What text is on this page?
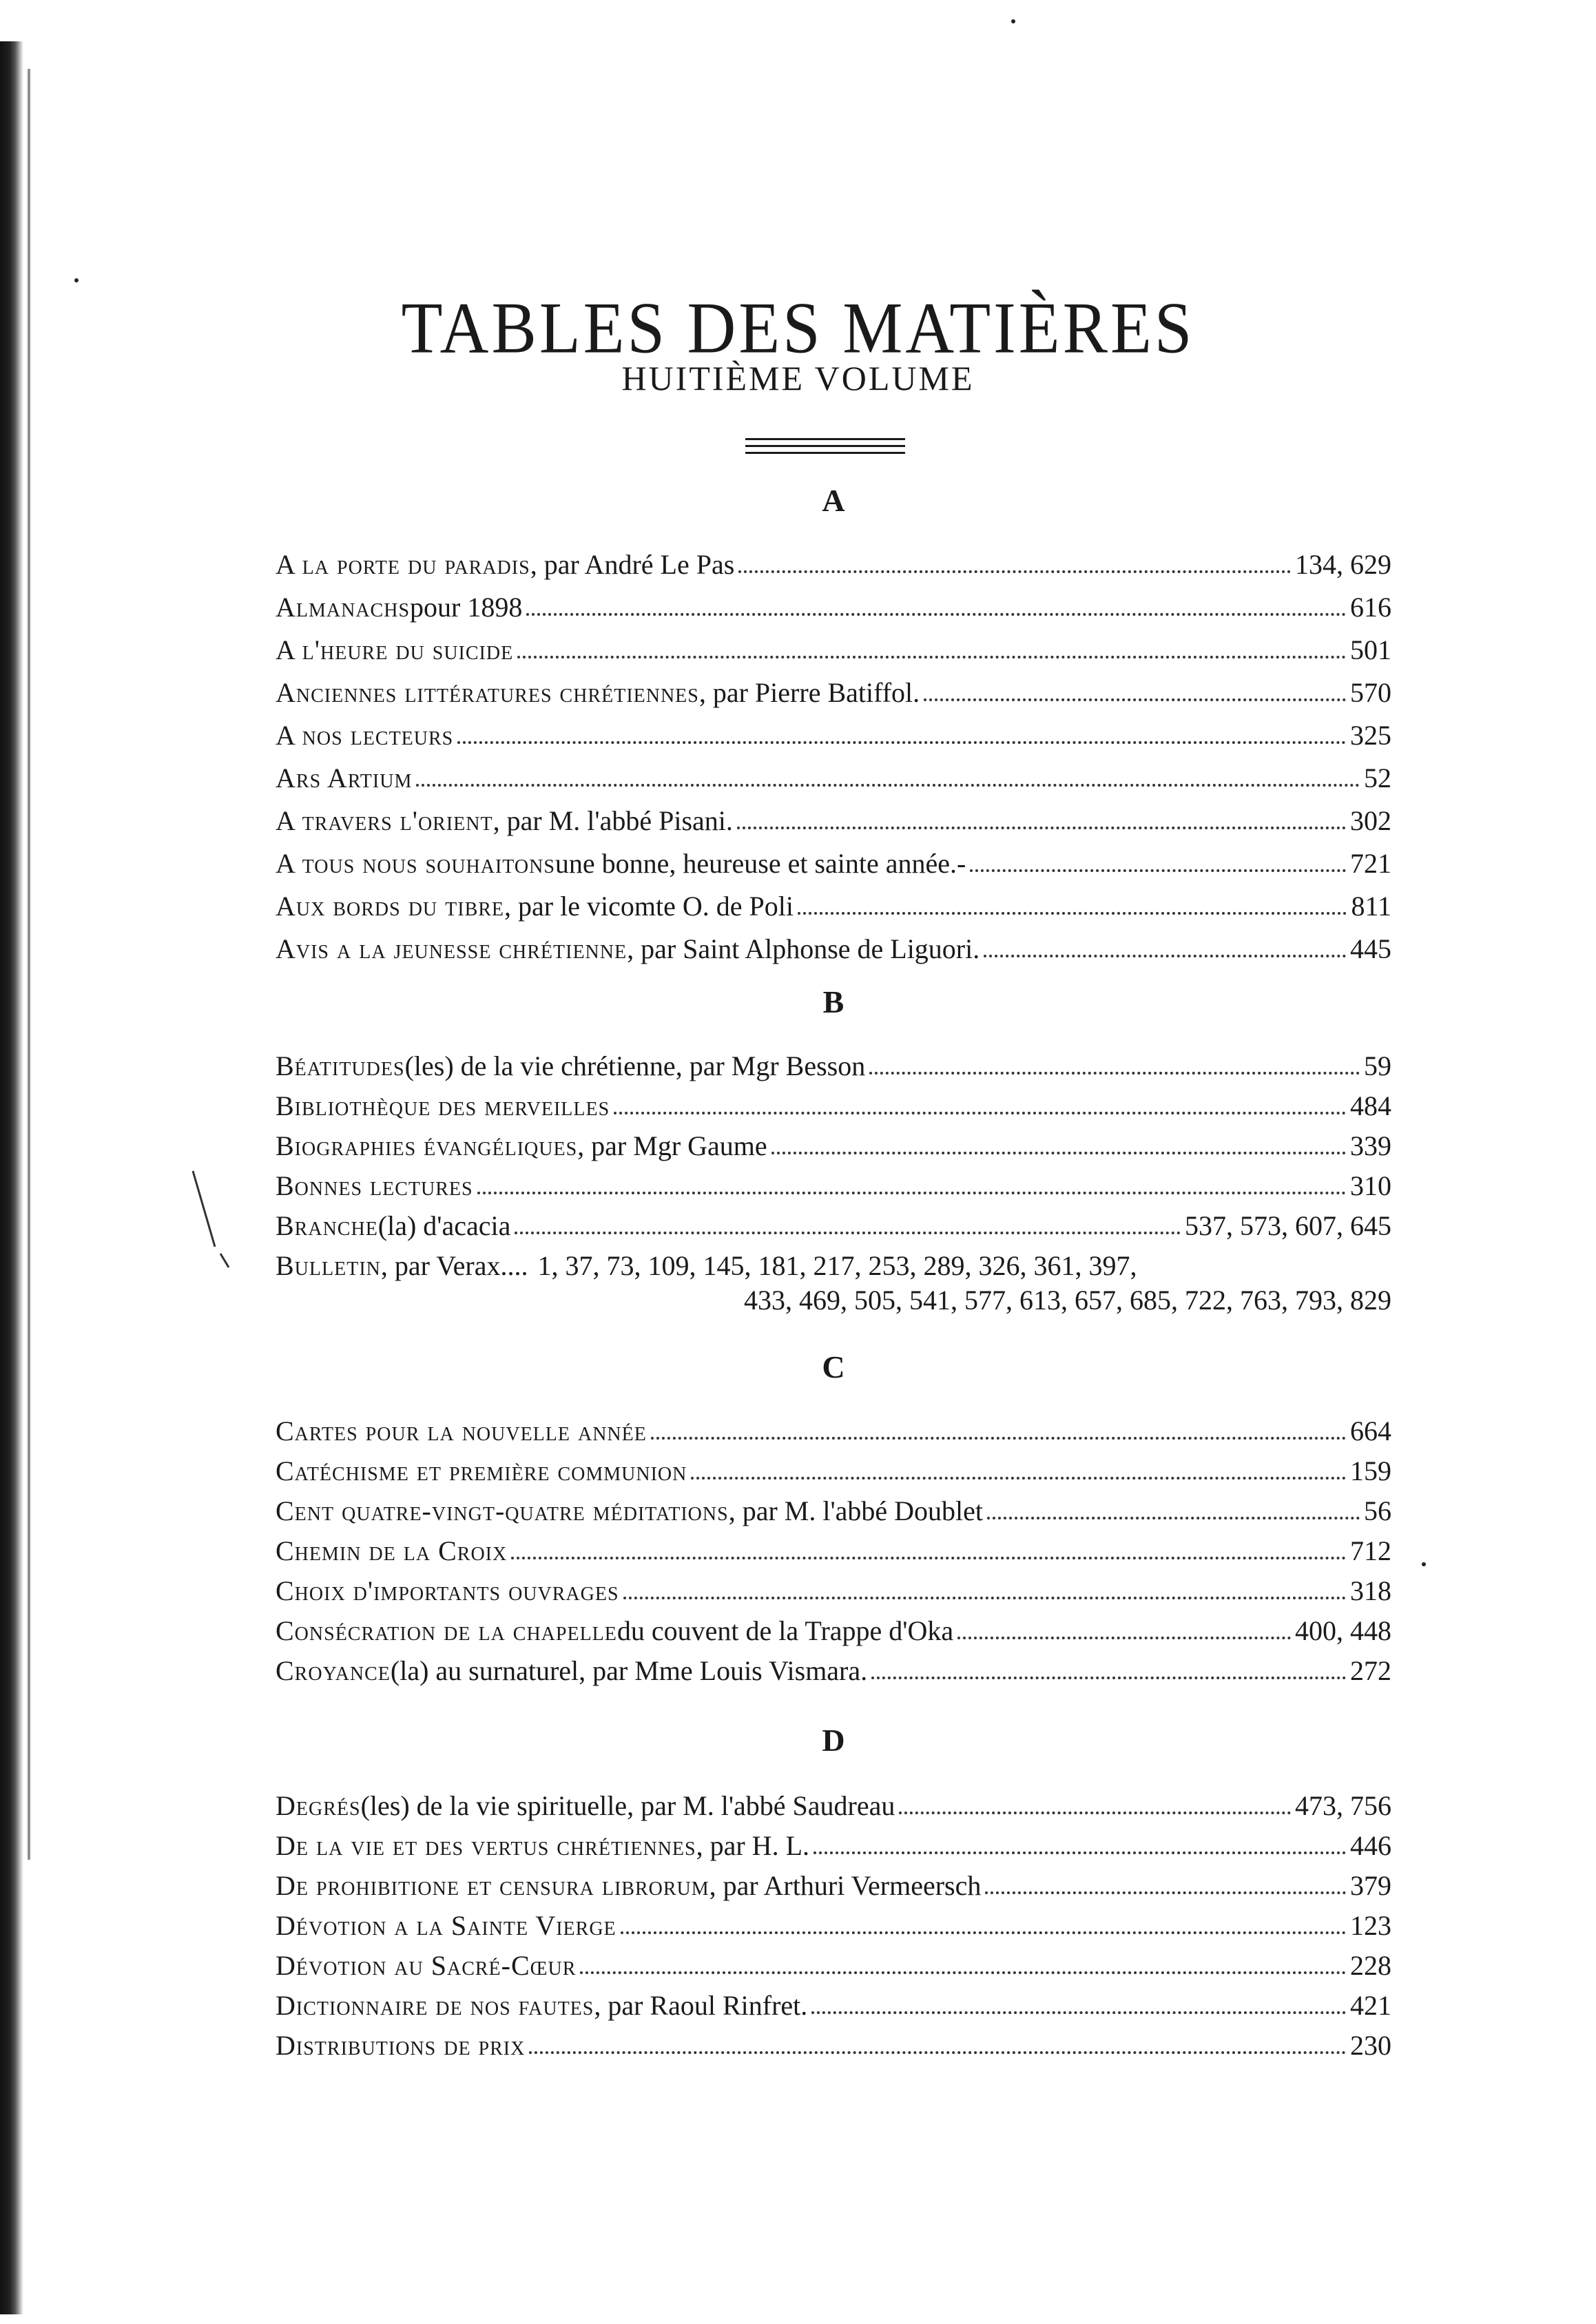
TABLES DES MATIÈRES
HUITIÈME VOLUME
A
A la porte du paradis , par André Le Pas	134, 629
Almanachs pour 1898	616
A l'heure du suicide	501
Anciennes littératures chrétiennes , par Pierre Batiffol.	570
A nos lecteurs	325
Ars Artium	52
A travers l'orient , par M. l'abbé Pisani.	302
A tous nous souhaitons une bonne, heureuse et sainte année.-	721
Aux bords du tibre , par le vicomte O. de Poli	811
Avis a la jeunesse chrétienne , par Saint Alphonse de Liguori.	445
B
Béatitudes (les) de la vie chrétienne, par Mgr Besson	59
Bibliothèque des merveilles	484
Biographies évangéliques , par Mgr Gaume	339
Bonnes lectures	310
Branche (la) d'acacia	537, 573, 607, 645
Bulletin , par Verax.... 1, 37, 73, 109, 145, 181, 217, 253, 289, 326, 361, 397,
433, 469, 505, 541, 577, 613, 657, 685, 722, 763, 793, 829
C
Cartes pour la nouvelle année	664
Catéchisme et première communion	159
Cent quatre-vingt-quatre méditations , par M. l'abbé Doublet	56
Chemin de la Croix	712
Choix d'importants ouvrages	318
Consécration de la chapelle du couvent de la Trappe d'Oka	400, 448
Croyance (la) au surnaturel, par Mme Louis Vismara.	272
D
Degrés (les) de la vie spirituelle, par M. l'abbé Saudreau	473, 756
De la vie et des vertus chrétiennes , par H. L.	446
De prohibitione et censura librorum , par Arthuri Vermeersch	379
Dévotion a la Sainte Vierge	123
Dévotion au Sacré-Cœur	228
Dictionnaire de nos fautes , par Raoul Rinfret.	421
Distributions de prix	230
